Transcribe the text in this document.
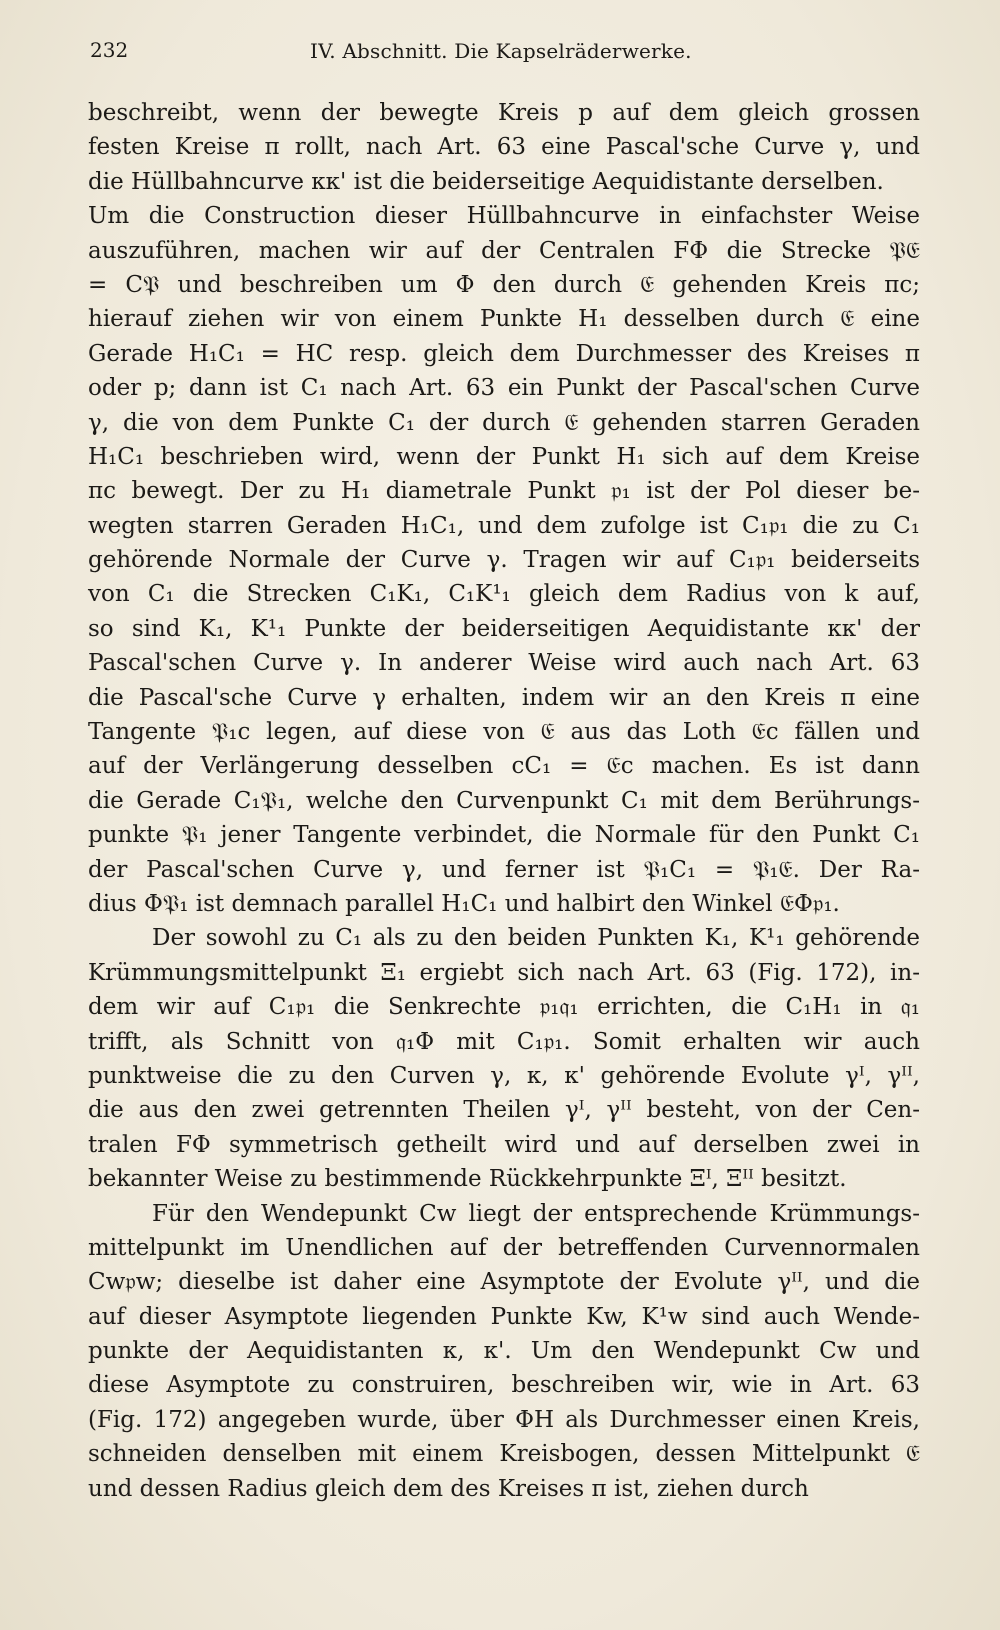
232	IV. Abschnitt. Die Kapselräderwerke.
beschreibt, wenn der bewegte Kreis p auf dem gleich grossen
festen Kreise π rollt, nach Art. 63 eine Pascal'sche Curve γ, und
die Hüllbahncurve κκ' ist die beiderseitige Aequidistante derselben.
Um die Construction dieser Hüllbahncurve in einfachster Weise
auszuführen, machen wir auf der Centralen FΦ die Strecke 𝔓𝔈
= C𝔓 und beschreiben um Φ den durch 𝔈 gehenden Kreis πc;
hierauf ziehen wir von einem Punkte H₁ desselben durch 𝔈 eine
Gerade H₁C₁ = HC resp. gleich dem Durchmesser des Kreises π
oder p; dann ist C₁ nach Art. 63 ein Punkt der Pascal'schen Curve
γ, die von dem Punkte C₁ der durch 𝔈 gehenden starren Geraden
H₁C₁ beschrieben wird, wenn der Punkt H₁ sich auf dem Kreise
πc bewegt. Der zu H₁ diametrale Punkt 𝔭₁ ist der Pol dieser be-
wegten starren Geraden H₁C₁, und dem zufolge ist C₁𝔭₁ die zu C₁
gehörende Normale der Curve γ. Tragen wir auf C₁𝔭₁ beiderseits
von C₁ die Strecken C₁K₁, C₁K¹₁ gleich dem Radius von k auf,
so sind K₁, K¹₁ Punkte der beiderseitigen Aequidistante κκ' der
Pascal'schen Curve γ. In anderer Weise wird auch nach Art. 63
die Pascal'sche Curve γ erhalten, indem wir an den Kreis π eine
Tangente 𝔓₁c legen, auf diese von 𝔈 aus das Loth 𝔈c fällen und
auf der Verlängerung desselben cC₁ = 𝔈c machen. Es ist dann
die Gerade C₁𝔓₁, welche den Curvenpunkt C₁ mit dem Berührungs-
punkte 𝔓₁ jener Tangente verbindet, die Normale für den Punkt C₁
der Pascal'schen Curve γ, und ferner ist 𝔓₁C₁ = 𝔓₁𝔈. Der Ra-
dius Φ𝔓₁ ist demnach parallel H₁C₁ und halbirt den Winkel 𝔈Φ𝔭₁.
Der sowohl zu C₁ als zu den beiden Punkten K₁, K¹₁ gehörende
Krümmungsmittelpunkt Ξ₁ ergiebt sich nach Art. 63 (Fig. 172), in-
dem wir auf C₁𝔭₁ die Senkrechte 𝔭₁𝔮₁ errichten, die C₁H₁ in 𝔮₁
trifft, als Schnitt von 𝔮₁Φ mit C₁𝔭₁. Somit erhalten wir auch
punktweise die zu den Curven γ, κ, κ' gehörende Evolute γᴵ, γᴵᴵ,
die aus den zwei getrennten Theilen γᴵ, γᴵᴵ besteht, von der Cen-
tralen FΦ symmetrisch getheilt wird und auf derselben zwei in
bekannter Weise zu bestimmende Rückkehrpunkte Ξᴵ, Ξᴵᴵ besitzt.
Für den Wendepunkt Cw liegt der entsprechende Krümmungs-
mittelpunkt im Unendlichen auf der betreffenden Curvennormalen
Cw𝔭w; dieselbe ist daher eine Asymptote der Evolute γᴵᴵ, und die
auf dieser Asymptote liegenden Punkte Kw, K¹w sind auch Wende-
punkte der Aequidistanten κ, κ'. Um den Wendepunkt Cw und
diese Asymptote zu construiren, beschreiben wir, wie in Art. 63
(Fig. 172) angegeben wurde, über ΦH als Durchmesser einen Kreis,
schneiden denselben mit einem Kreisbogen, dessen Mittelpunkt 𝔈
und dessen Radius gleich dem des Kreises π ist, ziehen durch
